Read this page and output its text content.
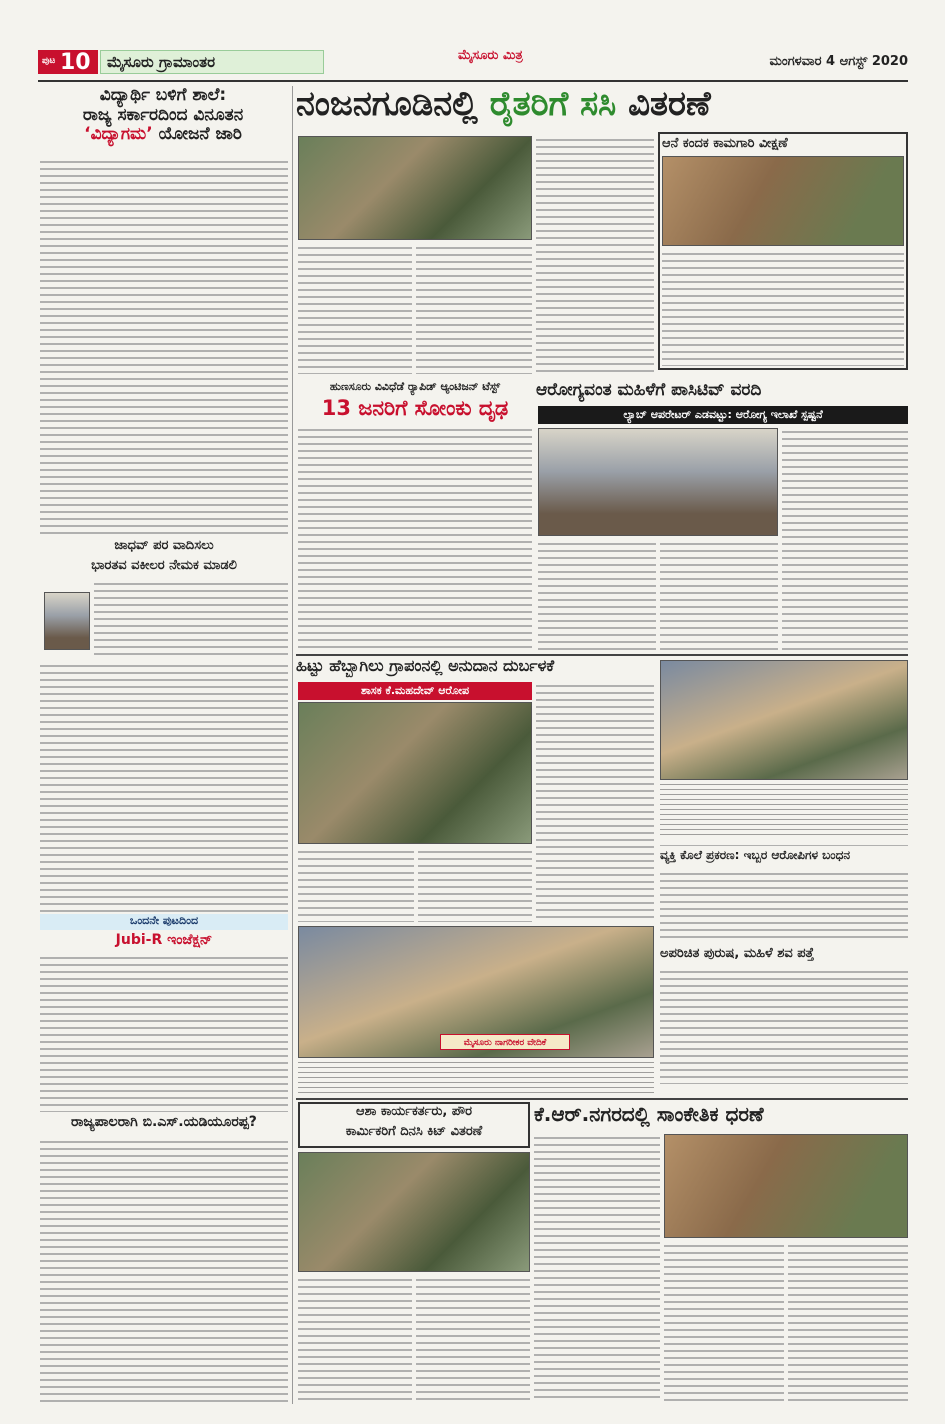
ಪುಟ 10	ಮೈಸೂರು ಗ್ರಾಮಾಂತರ	ಮೈಸೂರು ಮಿತ್ರ	ಮಂಗಳವಾರ 4 ಆಗಸ್ಟ್ 2020
ವಿದ್ಯಾರ್ಥಿ ಬಳಿಗೆ ಶಾಲೆ:
ರಾಜ್ಯ ಸರ್ಕಾರದಿಂದ ವಿನೂತನ
‘ವಿದ್ಯಾಗಮ’ ಯೋಜನೆ ಜಾರಿ
ಜಾಧವ್ ಪರ ವಾದಿಸಲು
ಭಾರತವ ವಕೀಲರ ನೇಮಕ ಮಾಡಲಿ
ಒಂದನೇ ಪುಟದಿಂದ
Jubi-R ಇಂಜೆಕ್ಷನ್
ರಾಜ್ಯಪಾಲರಾಗಿ ಬಿ.ಎಸ್.ಯಡಿಯೂರಪ್ಪ?
ನಂಜನಗೂಡಿನಲ್ಲಿ ರೈತರಿಗೆ ಸಸಿ ವಿತರಣೆ
ಆನೆ ಕಂದಕ ಕಾಮಗಾರಿ ವೀಕ್ಷಣೆ
ಹುಣಸೂರು ವಿವಿಧೆಡೆ ರ‍್ಯಾಪಿಡ್ ಆ್ಯಂಟಿಜನ್ ಟೆಸ್ಟ್
13 ಜನರಿಗೆ ಸೋಂಕು ದೃಢ
ಆರೋಗ್ಯವಂತ ಮಹಿಳೆಗೆ ಪಾಸಿಟಿವ್ ವರದಿ
ಲ್ಯಾಬ್ ಆಪರೇಟರ್ ಎಡವಟ್ಟು: ಆರೋಗ್ಯ ಇಲಾಖೆ ಸ್ಪಷ್ಟನೆ
ಹಿಟ್ಟು ಹೆಬ್ಬಾಗಿಲು ಗ್ರಾಪಂನಲ್ಲಿ ಅನುದಾನ ದುರ್ಬಳಕೆ
ಶಾಸಕ ಕೆ.ಮಹದೇವ್ ಆರೋಪ
ವ್ಯಕ್ತಿ ಕೊಲೆ ಪ್ರಕರಣ: ಇಬ್ಬರ ಆರೋಪಿಗಳ ಬಂಧನ
ಅಪರಿಚಿತ ಪುರುಷ, ಮಹಿಳೆ ಶವ ಪತ್ತೆ
ಮೈಸೂರು ನಾಗರೀಕರ ವೇದಿಕೆ
ಆಶಾ ಕಾರ್ಯಕರ್ತರು, ಪೌರ
ಕಾರ್ಮಿಕರಿಗೆ ದಿನಸಿ ಕಿಟ್ ವಿತರಣೆ
ಕೆ.ಆರ್.ನಗರದಲ್ಲಿ ಸಾಂಕೇತಿಕ ಧರಣೆ
